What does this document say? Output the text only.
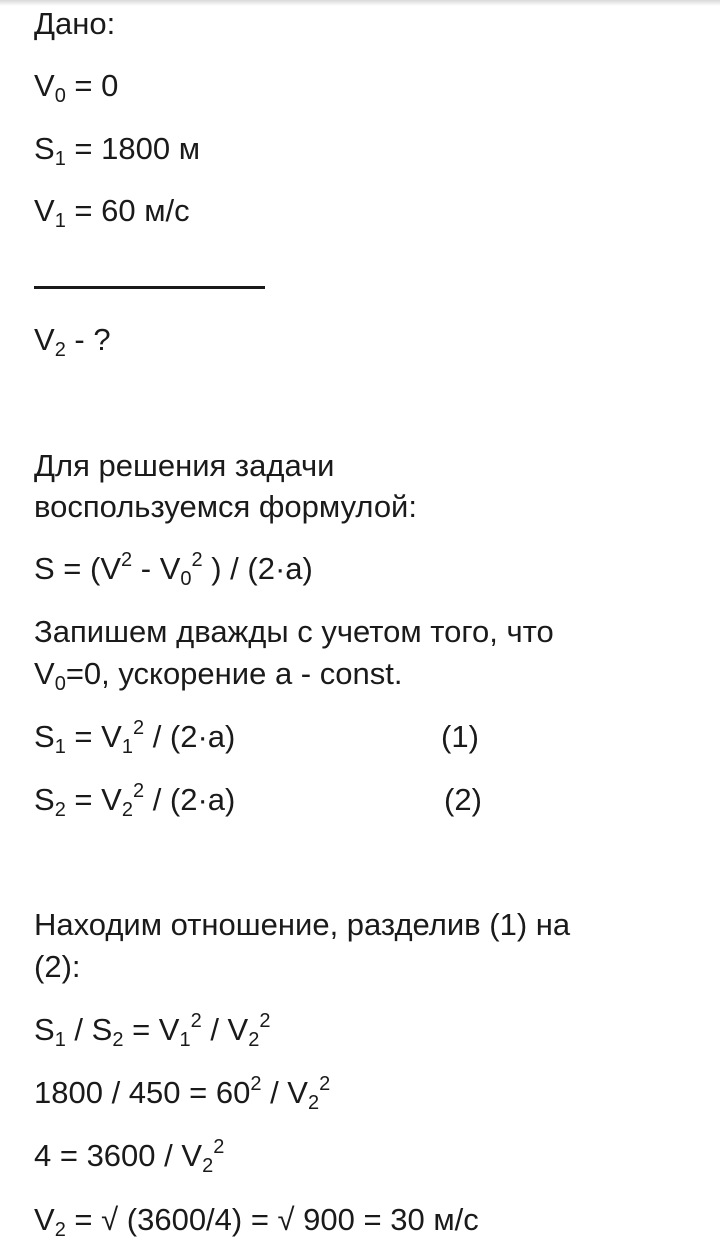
Дано:

$V_0 = 0$

$S_1 = 1800$ м

$V_1 = 60$ м/с

$V_2$ - ?

Для решения задачи

воспользуемся формулой:

$S = (V^2 - V_0^2$ ) / (2·a)

Запишем дважды с учетом того, что

$V_0=0$, ускорение a - const.

$S_1 = V_1^2 / (2\cdot a)$	(1)

$S_2 = V_2^2 / (2\cdot a)$	(2)

Находим отношение, разделив (1) на

(2):

$S_1 / S_2 = V_1^2 / V_2^2$

$1800 / 450 = 60^2 / V_2^2$

$4 = 3600 / V_2^2$

$V_2$ = √ (3600/4) = √ 900 = 30 м/с
